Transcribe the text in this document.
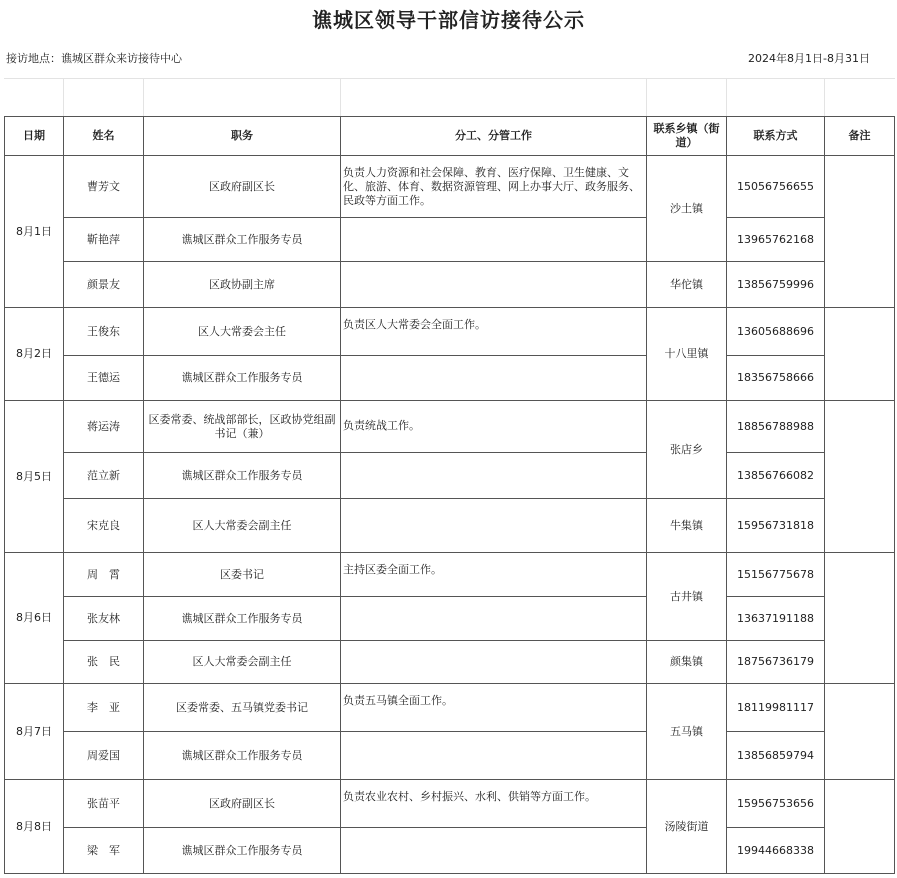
谯城区领导干部信访接待公示
接访地点：谯城区群众来访接待中心	2024年8月1日-8月31日
日期	姓名	职务	分工、分管工作	联系乡镇（街道）	联系方式	备注
8月1日	曹芳文	区政府副区长	负责人力资源和社会保障、教育、医疗保障、卫生健康、文化、旅游、体育、数据资源管理、网上办事大厅、政务服务、民政等方面工作。	沙土镇	15056756655	
	靳艳萍	谯城区群众工作服务专员			13965762168	
	颜景友	区政协副主席		华佗镇	13856759996	
8月2日	王俊东	区人大常委会主任	负责区人大常委会全面工作。	十八里镇	13605688696	
	王德运	谯城区群众工作服务专员			18356758666	
8月5日	蒋运涛	区委常委、统战部部长，区政协党组副书记（兼）	负责统战工作。	张店乡	18856788988	
	范立新	谯城区群众工作服务专员			13856766082	
	宋克良	区人大常委会副主任		牛集镇	15956731818	
8月6日	周　霄	区委书记	主持区委全面工作。	古井镇	15156775678	
	张友林	谯城区群众工作服务专员			13637191188	
	张　民	区人大常委会副主任		颜集镇	18756736179	
8月7日	李　亚	区委常委、五马镇党委书记	负责五马镇全面工作。	五马镇	18119981117	
	周爱国	谯城区群众工作服务专员			13856859794	
8月8日	张苗平	区政府副区长	负责农业农村、乡村振兴、水利、供销等方面工作。	汤陵街道	15956753656	
	梁　军	谯城区群众工作服务专员			19944668338	
